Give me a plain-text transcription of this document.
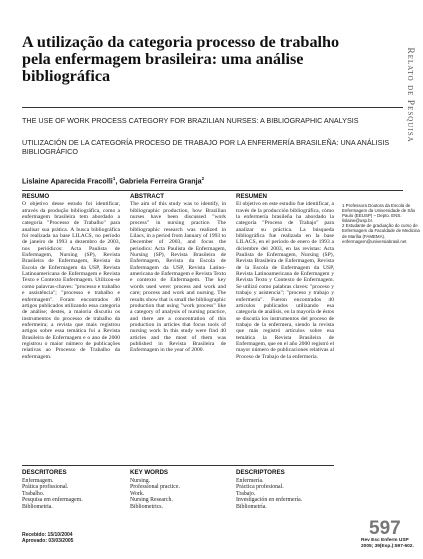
A utilização da categoria processo de trabalho pela enfermagem brasileira: uma análise bibliográfica	Relato de Pesquisa
THE USE OF WORK PROCESS CATEGORY FOR BRAZILIAN NURSES: A BIBLIOGRAPHIC ANALYSIS
UTILIZACIÓN DE LA CATEGORÍA PROCESO DE TRABAJO POR LA ENFERMERÍA BRASILEÑA: UNA ANÁLISIS BIBLIOGRÁFICO
Lislaine Aparecida Fracolli$^1$, Gabriela Ferreira Granja$^2$
RESUMO

O objetivo desse estudo foi identificar, através da produção bibliográfica, como a enfermagem brasileira tem abordado a categoria "Processo de Trabalho" para analisar sua prática. A busca bibliográfica foi realizada na base LILACS, no período de janeiro de 1993 a dezembro de 2003, nos periódicos: Acta Paulista de Enfermagem, Nursing (SP), Revista Brasileira de Enfermagem, Revista da Escola de Enfermagem da USP, Revista Latinoamericana de Enfermagem e Revista Texto e Contexto Enfermagem. Utilizou-se como palavras-chaves: "processo e trabalho e assistência"; "processo e trabalho e enfermagem". Foram encontrados 40 artigos publicados utilizando essa categoria de análise; destes, a maioria discutiu os instrumentos do processo de trabalho da enfermeira; a revista que mais registrou artigos sobre essa temática foi a Revista Brasileira de Enfermagem e o ano de 2000 registrou o maior número de publicações relativas ao Processo de Trabalho da enfermagem.

ABSTRACT

The aim of this study was to identify, in bibliographic production, how Brazilian nurses have been discussed "work process" in nursing practice. The bibliographic research was realized in Lilacs, in a period from January of 1993 to December of 2003, and focus the periodics: Acta Paulista de Enfermagem, Nursing (SP), Revista Brasileira de Enfermagem, Revista da Escola de Enfermagem da USP, Revista Latino-americana de Enfermagem e Revista Texto e contexto de Enfermagem. The key words used were: process and work and care; process and work and nursing. The results show that is small the bibliographic production that using "work process" like a category of analysis of nursing practice, and there are a concentration of this production in articles that focus tools of nursing work In this study were find 40 articles and the most of them was published in Revista Brasileira de Enfermagem in the year of 2000.

RESUMEN

El objetivo en este estudio fue identificar, a través de la producción bibliográfica, cómo la enfermería brasileña ha abordado la categoría "Proceso de Trabajo" para analizar su práctica. La búsqueda bibliográfica fue realizada en la base LILACS, en el período de enero de 1993 a diciembre del 2003, en las revistas: Acta Paulista de Enfermagem, Nursing (SP), Revista Brasileira de Enfermagem, Revista de la Escola de Enfermagem da USP, Revista Latinoamericana de Enfermagem y Revista Texto y Contexto de Enfermagem. Se utilizó como palabras claves: "proceso y trabajo y asistencia"; "proceso y trabajo y enfermería". Fueron encontrados 40 artículos publicados utilizando esa categoría de análisis, en la mayoría de éstos se discutía los instrumentos del proceso de trabajo de la enfermera, siendo la revista que más registró artículos sobre esa temática la Revista Brasileira de Enfermagem, que en el año 2000 registró el mayor número de publicaciones relativas al Proceso de Trabajo de la enfermería.

1 Professora Doutora da Escola de Enfermagem da Universidade de São Paulo (EEUSP) – Depto. ENS. lislaine@usp.br.

2 Estudante de graduação do curso de Enfermagem da Faculdade de Medicina de Marília (FAMEMA). enfermagem@universiabrasil.net

DESCRITORES
Enfermagem.
Prática profissional.
Trabalho.
Pesquisa em enfermagem.
Bibliometria.
KEY WORDS
Nursing.
Professional practice.
Work.
Nursing Research.
Bibliometrics.
DESCRIPTORES
Enfermería.
Práctica profesional.
Trabajo.
Investigación en enfermería.
Bibliometría.
Recebido: 15/10/2004
Aprovado: 03/03/2005
597
Rev Esc Enferm USP
2005; 39(Esp.):597-602.
